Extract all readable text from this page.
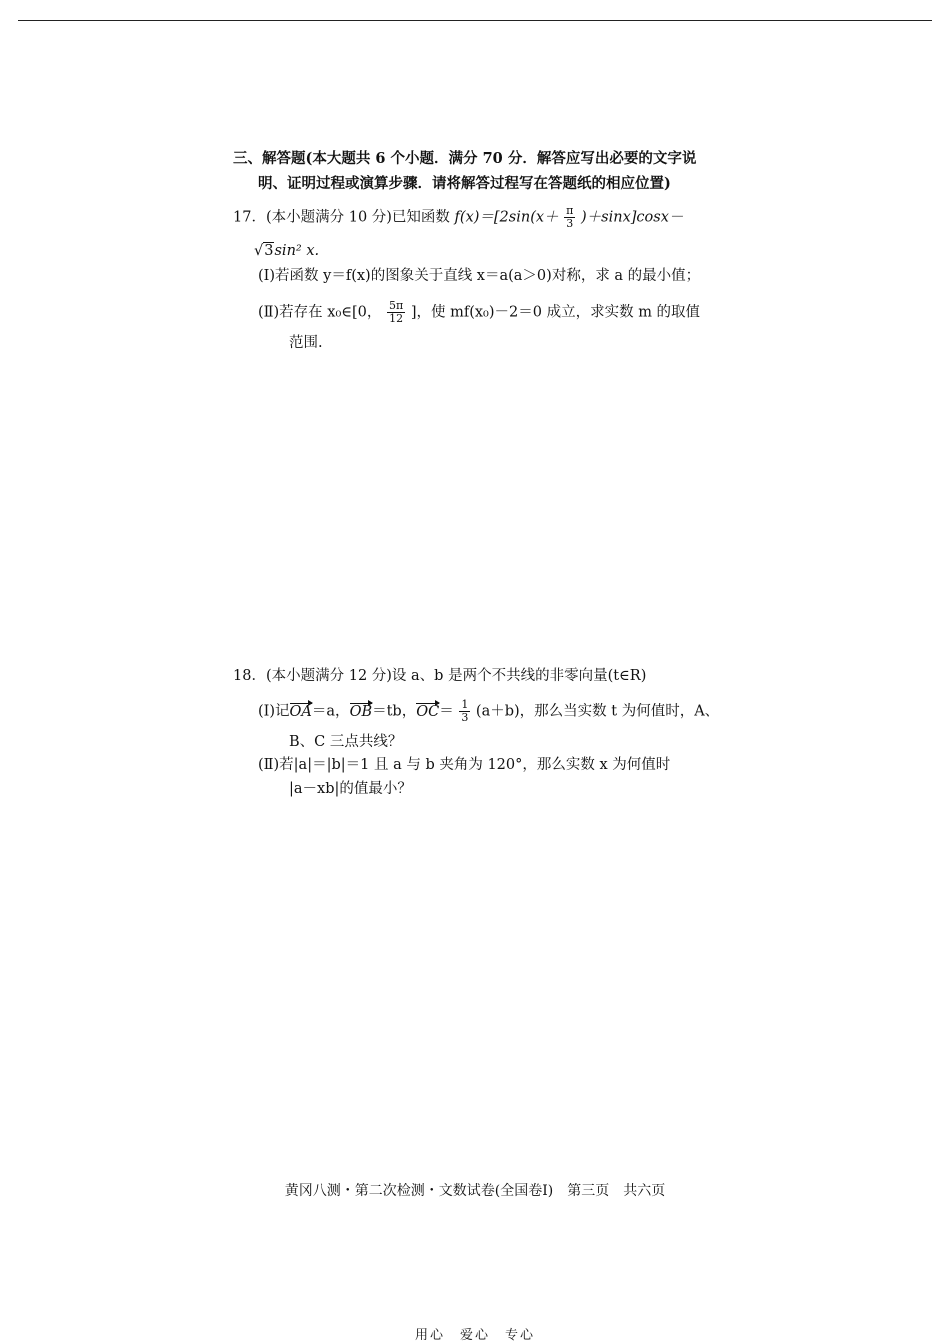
三、解答题(本大题共 6 个小题．满分 70 分．解答应写出必要的文字说
明、证明过程或演算步骤．请将解答过程写在答题纸的相应位置)
17．(本小题满分 10 分)已知函数 $f(x)=[2\sin(x+ \frac{\pi}{3} )+\sin x]\cos x-$
√3sin² x.
(Ⅰ)若函数 y＝f(x)的图象关于直线 x＝a(a＞0)对称，求 a 的最小值；
(Ⅱ)若存在 x₀∈[0， $\frac{5\pi}{12}$ ]，使 mf(x₀)－2＝0 成立，求实数 m 的取值
范围.
18．(本小题满分 12 分)设 a、b 是两个不共线的非零向量(t∈R)
(Ⅰ)记OA＝a，OB＝tb，$OC= \frac{1}{3} (a+b)$，那么当实数 t 为何值时，A、
B、C 三点共线？
(Ⅱ)若|a|＝|b|＝1 且 a 与 b 夹角为 120°，那么实数 x 为何值时
|a－xb|的值最小？
黄冈八测・第二次检测・文数试卷(全国卷Ⅰ)　第三页　共六页
用心　爱心　专心
